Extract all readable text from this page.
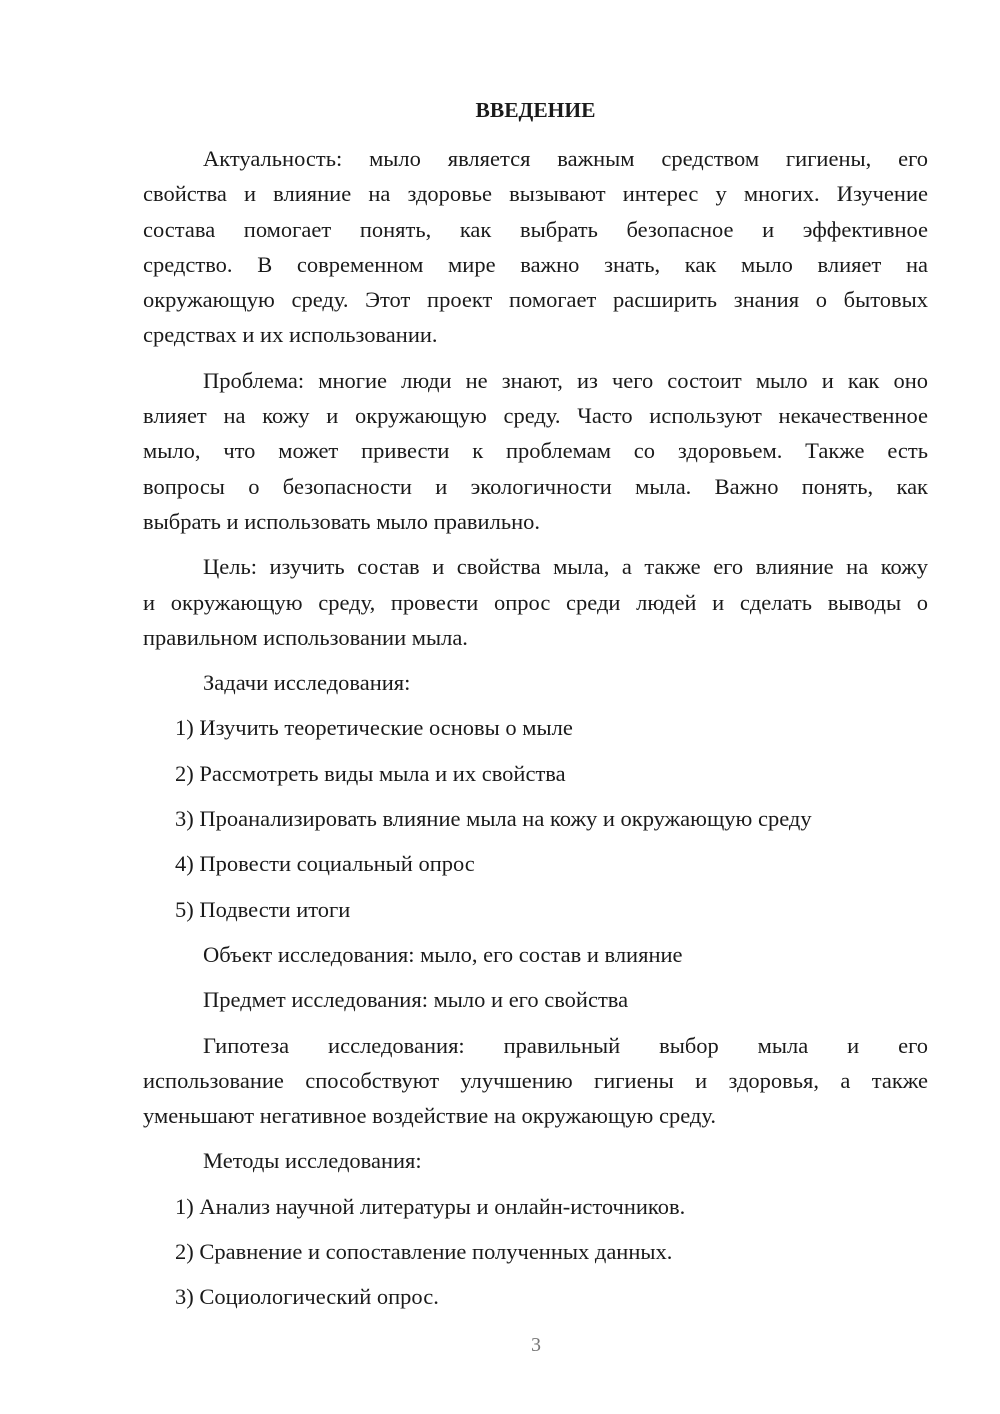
ВВЕДЕНИЕ
Актуальность: мыло является важным средством гигиены, его
свойства и влияние на здоровье вызывают интерес у многих. Изучение
состава помогает понять, как выбрать безопасное и эффективное
средство. В современном мире важно знать, как мыло влияет на
окружающую среду. Этот проект помогает расширить знания о бытовых
средствах и их использовании.
Проблема: многие люди не знают, из чего состоит мыло и как оно
влияет на кожу и окружающую среду. Часто используют некачественное
мыло, что может привести к проблемам со здоровьем. Также есть
вопросы о безопасности и экологичности мыла. Важно понять, как
выбрать и использовать мыло правильно.
Цель: изучить состав и свойства мыла, а также его влияние на кожу
и окружающую среду, провести опрос среди людей и сделать выводы о
правильном использовании мыла.
Задачи исследования:
1) Изучить теоретические основы о мыле
2) Рассмотреть виды мыла и их свойства
3) Проанализировать влияние мыла на кожу и окружающую среду
4) Провести социальный опрос
5) Подвести итоги
Объект исследования: мыло, его состав и влияние
Предмет исследования: мыло и его свойства
Гипотеза исследования: правильный выбор мыла и его
использование способствуют улучшению гигиены и здоровья, а также
уменьшают негативное воздействие на окружающую среду.
Методы исследования:
1) Анализ научной литературы и онлайн-источников.
2) Сравнение и сопоставление полученных данных.
3) Социологический опрос.
3
